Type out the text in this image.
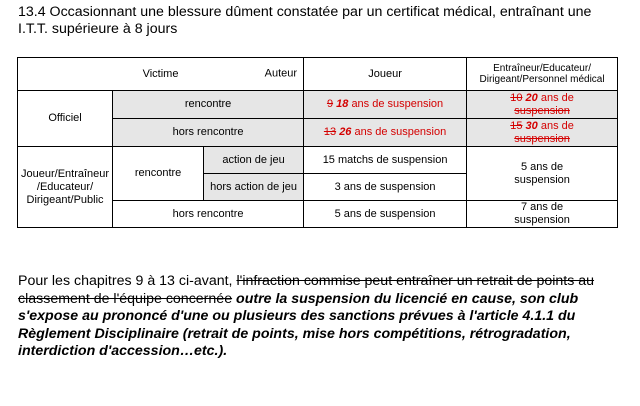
13.4 Occasionnant une blessure dûment constatée par un certificat médical, entraînant une
I.T.T. supérieure à 8 jours
Victime Auteur			Joueur	Entraîneur/Educateur/ Dirigeant/Personnel médical
Officiel	rencontre		9 18 ans de suspension	10 20 ans de
suspension
	hors rencontre		13 26 ans de suspension	15 30 ans de
suspension
Joueur/Entraîneur /Educateur/ Dirigeant/Public	rencontre	action de jeu	15 matchs de suspension	5 ans de suspension
		hors action de jeu	3 ans de suspension	
	hors rencontre		5 ans de suspension	7 ans de suspension
Pour les chapitres 9 à 13 ci-avant, l'infraction commise peut entraîner un retrait de points au classement de l'équipe concernée outre la suspension du licencié en cause, son club s'expose au prononcé d'une ou plusieurs des sanctions prévues à l'article 4.1.1 du Règlement Disciplinaire (retrait de points, mise hors compétitions, rétrogradation, interdiction d'accession…etc.).
